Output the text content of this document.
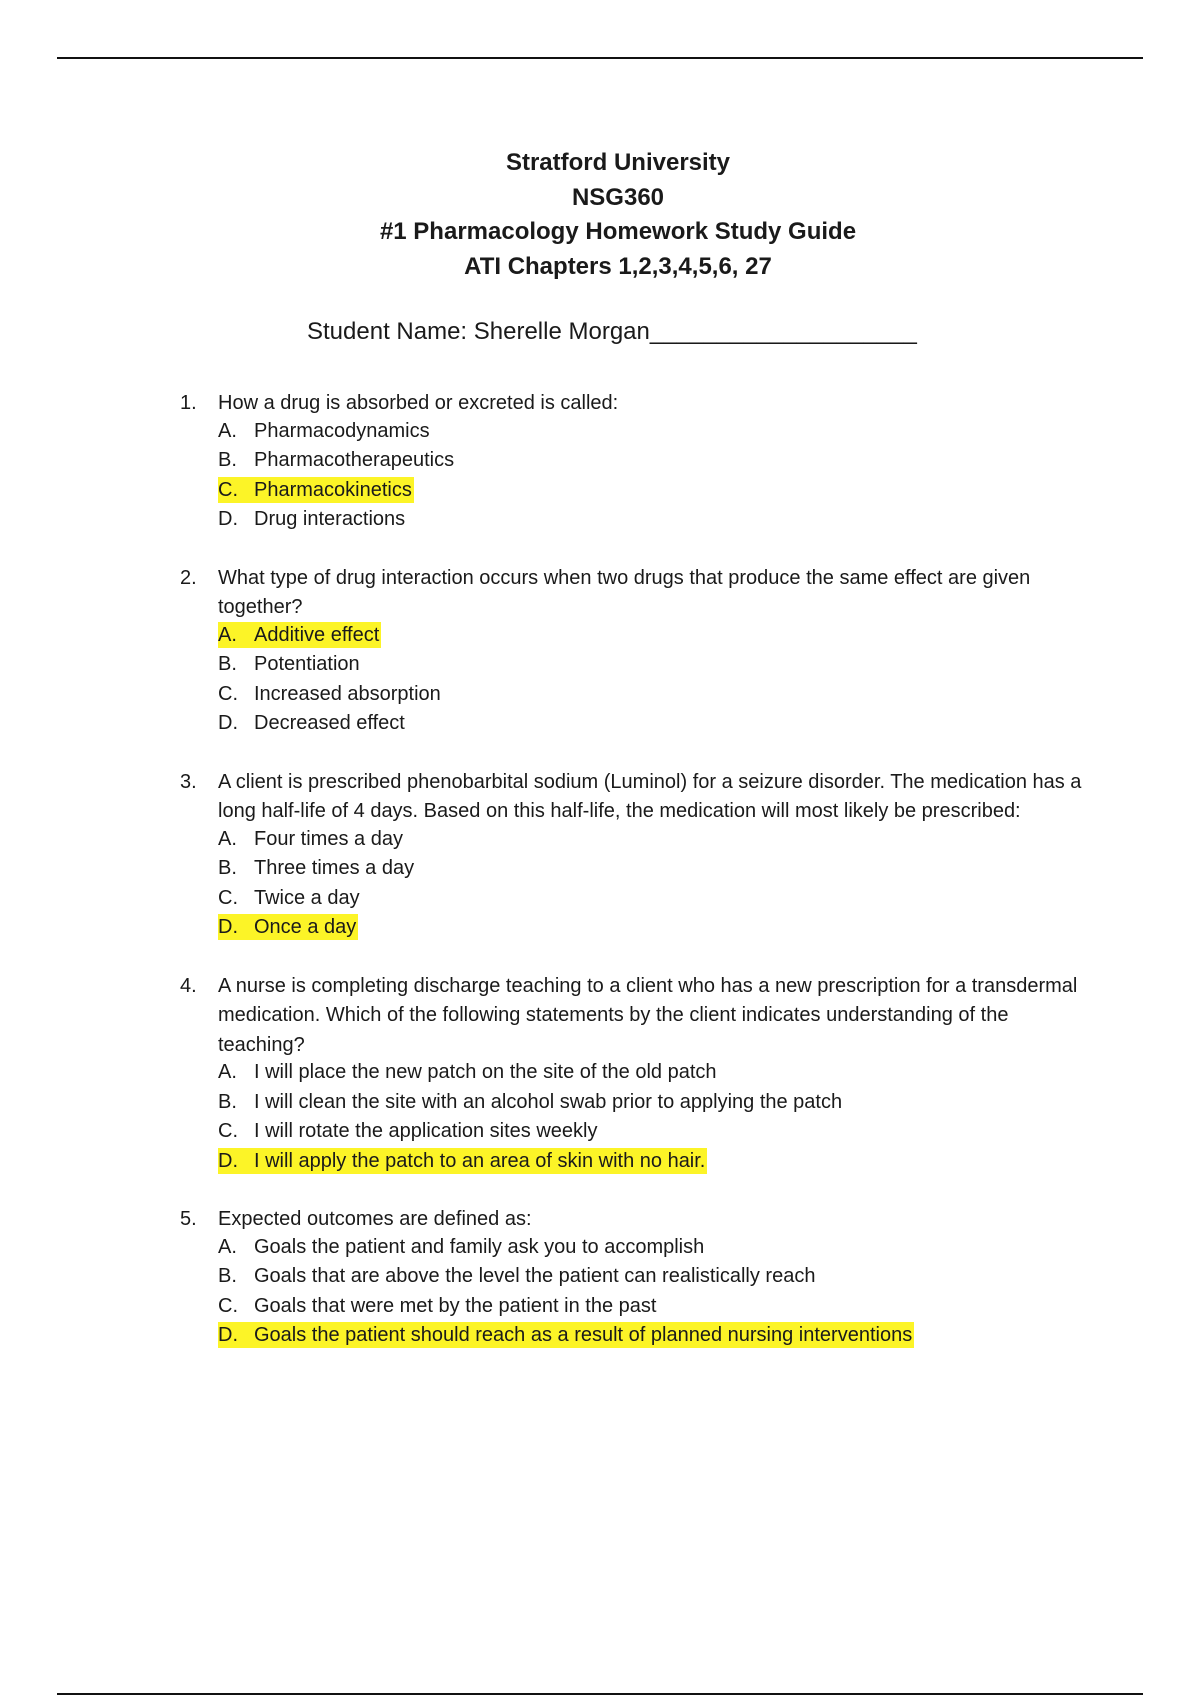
Stratford University
NSG360
#1 Pharmacology Homework Study Guide
ATI Chapters 1,2,3,4,5,6, 27
Student Name: Sherelle Morgan____________________
1.	How a drug is absorbed or excreted is called:
A. Pharmacodynamics
B. Pharmacotherapeutics
C. Pharmacokinetics
D. Drug interactions
2.	What type of drug interaction occurs when two drugs that produce the same effect are given together?
A. Additive effect
B. Potentiation
C. Increased absorption
D. Decreased effect
3.	A client is prescribed phenobarbital sodium (Luminol) for a seizure disorder. The medication has a long half-life of 4 days. Based on this half-life, the medication will most likely be prescribed:
A. Four times a day
B. Three times a day
C. Twice a day
D. Once a day
4.	A nurse is completing discharge teaching to a client who has a new prescription for a transdermal medication. Which of the following statements by the client indicates understanding of the teaching?
A. I will place the new patch on the site of the old patch
B. I will clean the site with an alcohol swab prior to applying the patch
C. I will rotate the application sites weekly
D. I will apply the patch to an area of skin with no hair.
5.	Expected outcomes are defined as:
A. Goals the patient and family ask you to accomplish
B. Goals that are above the level the patient can realistically reach
C. Goals that were met by the patient in the past
D. Goals the patient should reach as a result of planned nursing interventions
